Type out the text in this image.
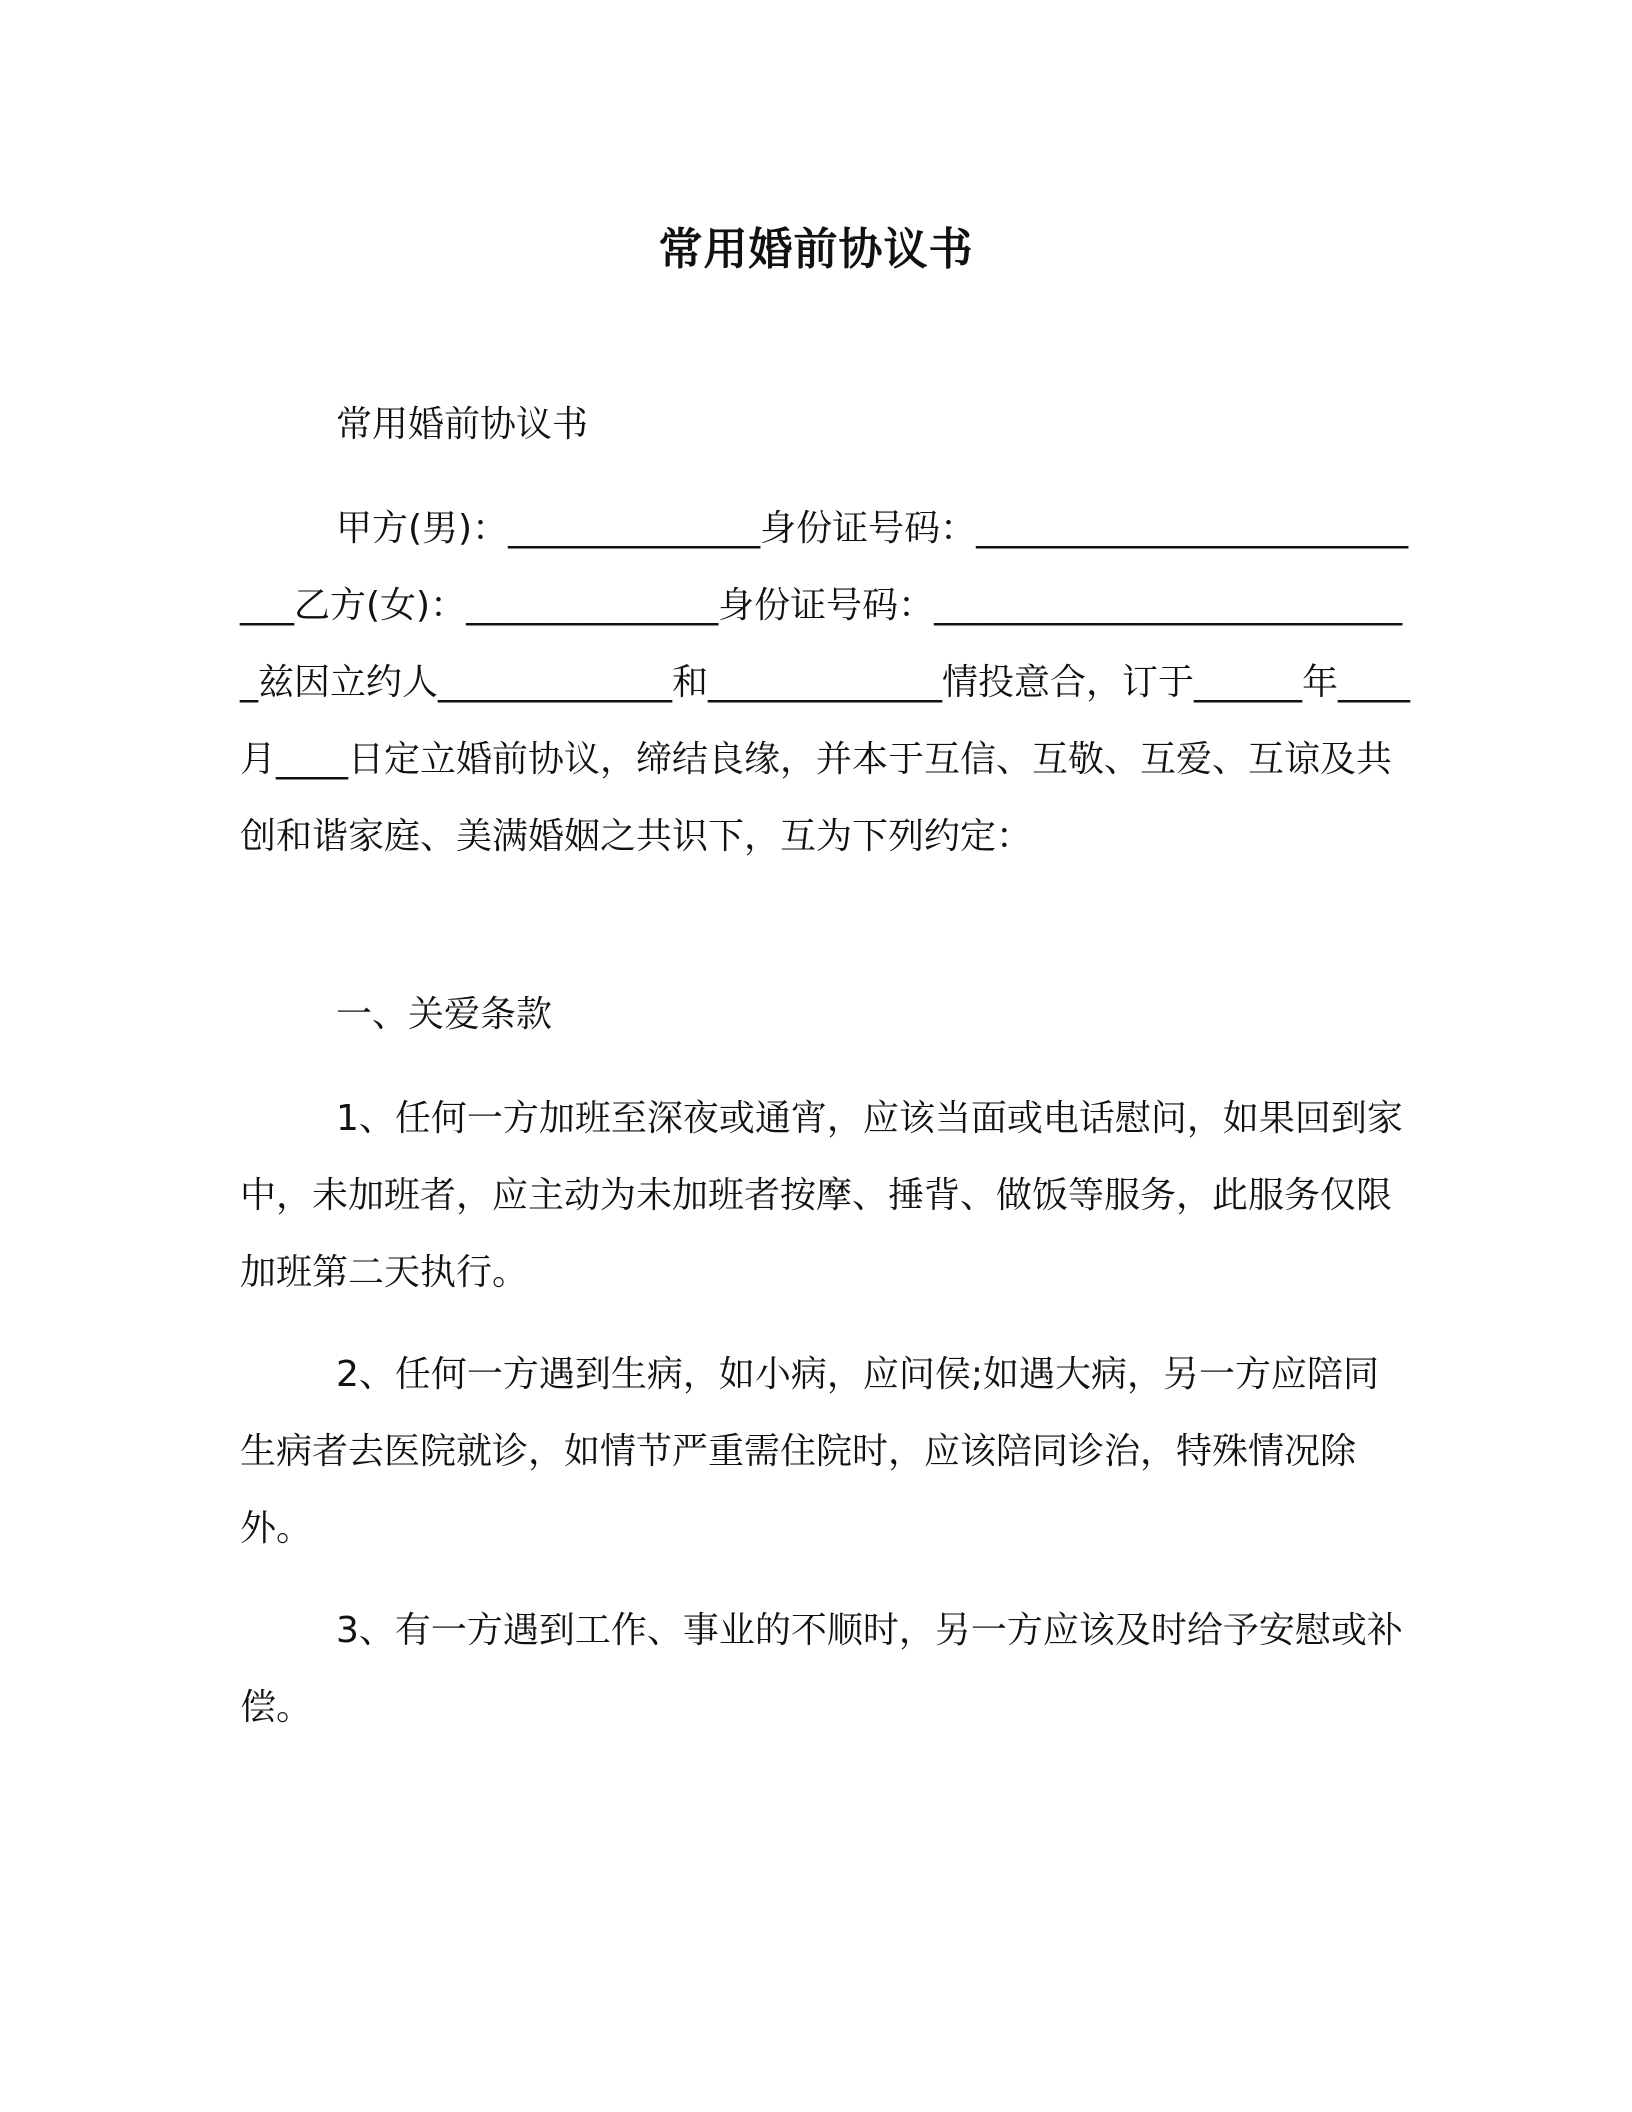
常用婚前协议书
常用婚前协议书
甲方(男)：______________身份证号码：___________________________乙方(女)：______________身份证号码：___________________________兹因立约人_____________和_____________情投意合，订于______年____月____日定立婚前协议，缔结良缘，并本于互信、互敬、互爱、互谅及共创和谐家庭、美满婚姻之共识下，互为下列约定：
一、关爱条款
1、任何一方加班至深夜或通宵，应该当面或电话慰问，如果回到家中，未加班者，应主动为未加班者按摩、捶背、做饭等服务，此服务仅限加班第二天执行。
2、任何一方遇到生病，如小病，应问侯;如遇大病，另一方应陪同生病者去医院就诊，如情节严重需住院时，应该陪同诊治，特殊情况除外。
3、有一方遇到工作、事业的不顺时，另一方应该及时给予安慰或补偿。
